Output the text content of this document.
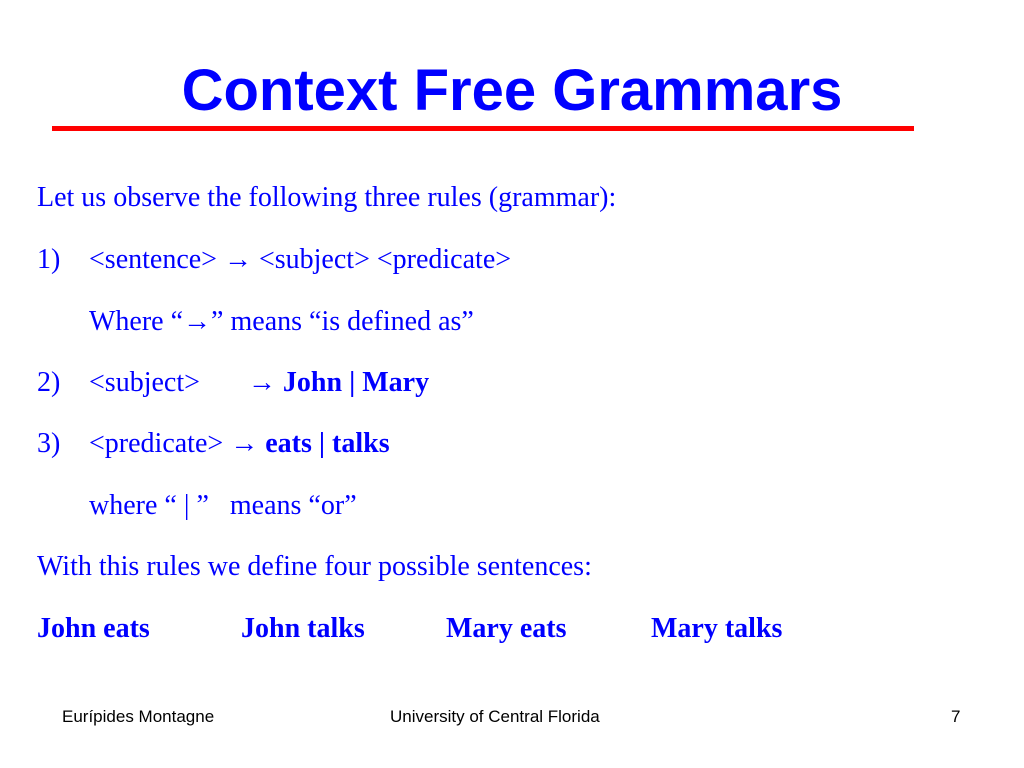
Context Free Grammars
Let us observe the following three rules (grammar):
1) <sentence> → <subject> <predicate>
Where “→” means “is defined as”
2) <subject> → John | Mary
3) <predicate> → eats | talks
where “ | ” means “or”
With this rules we define four possible sentences:
John eats	John talks	Mary eats	Mary talks
Eurípides Montagne	University of Central Florida	7
